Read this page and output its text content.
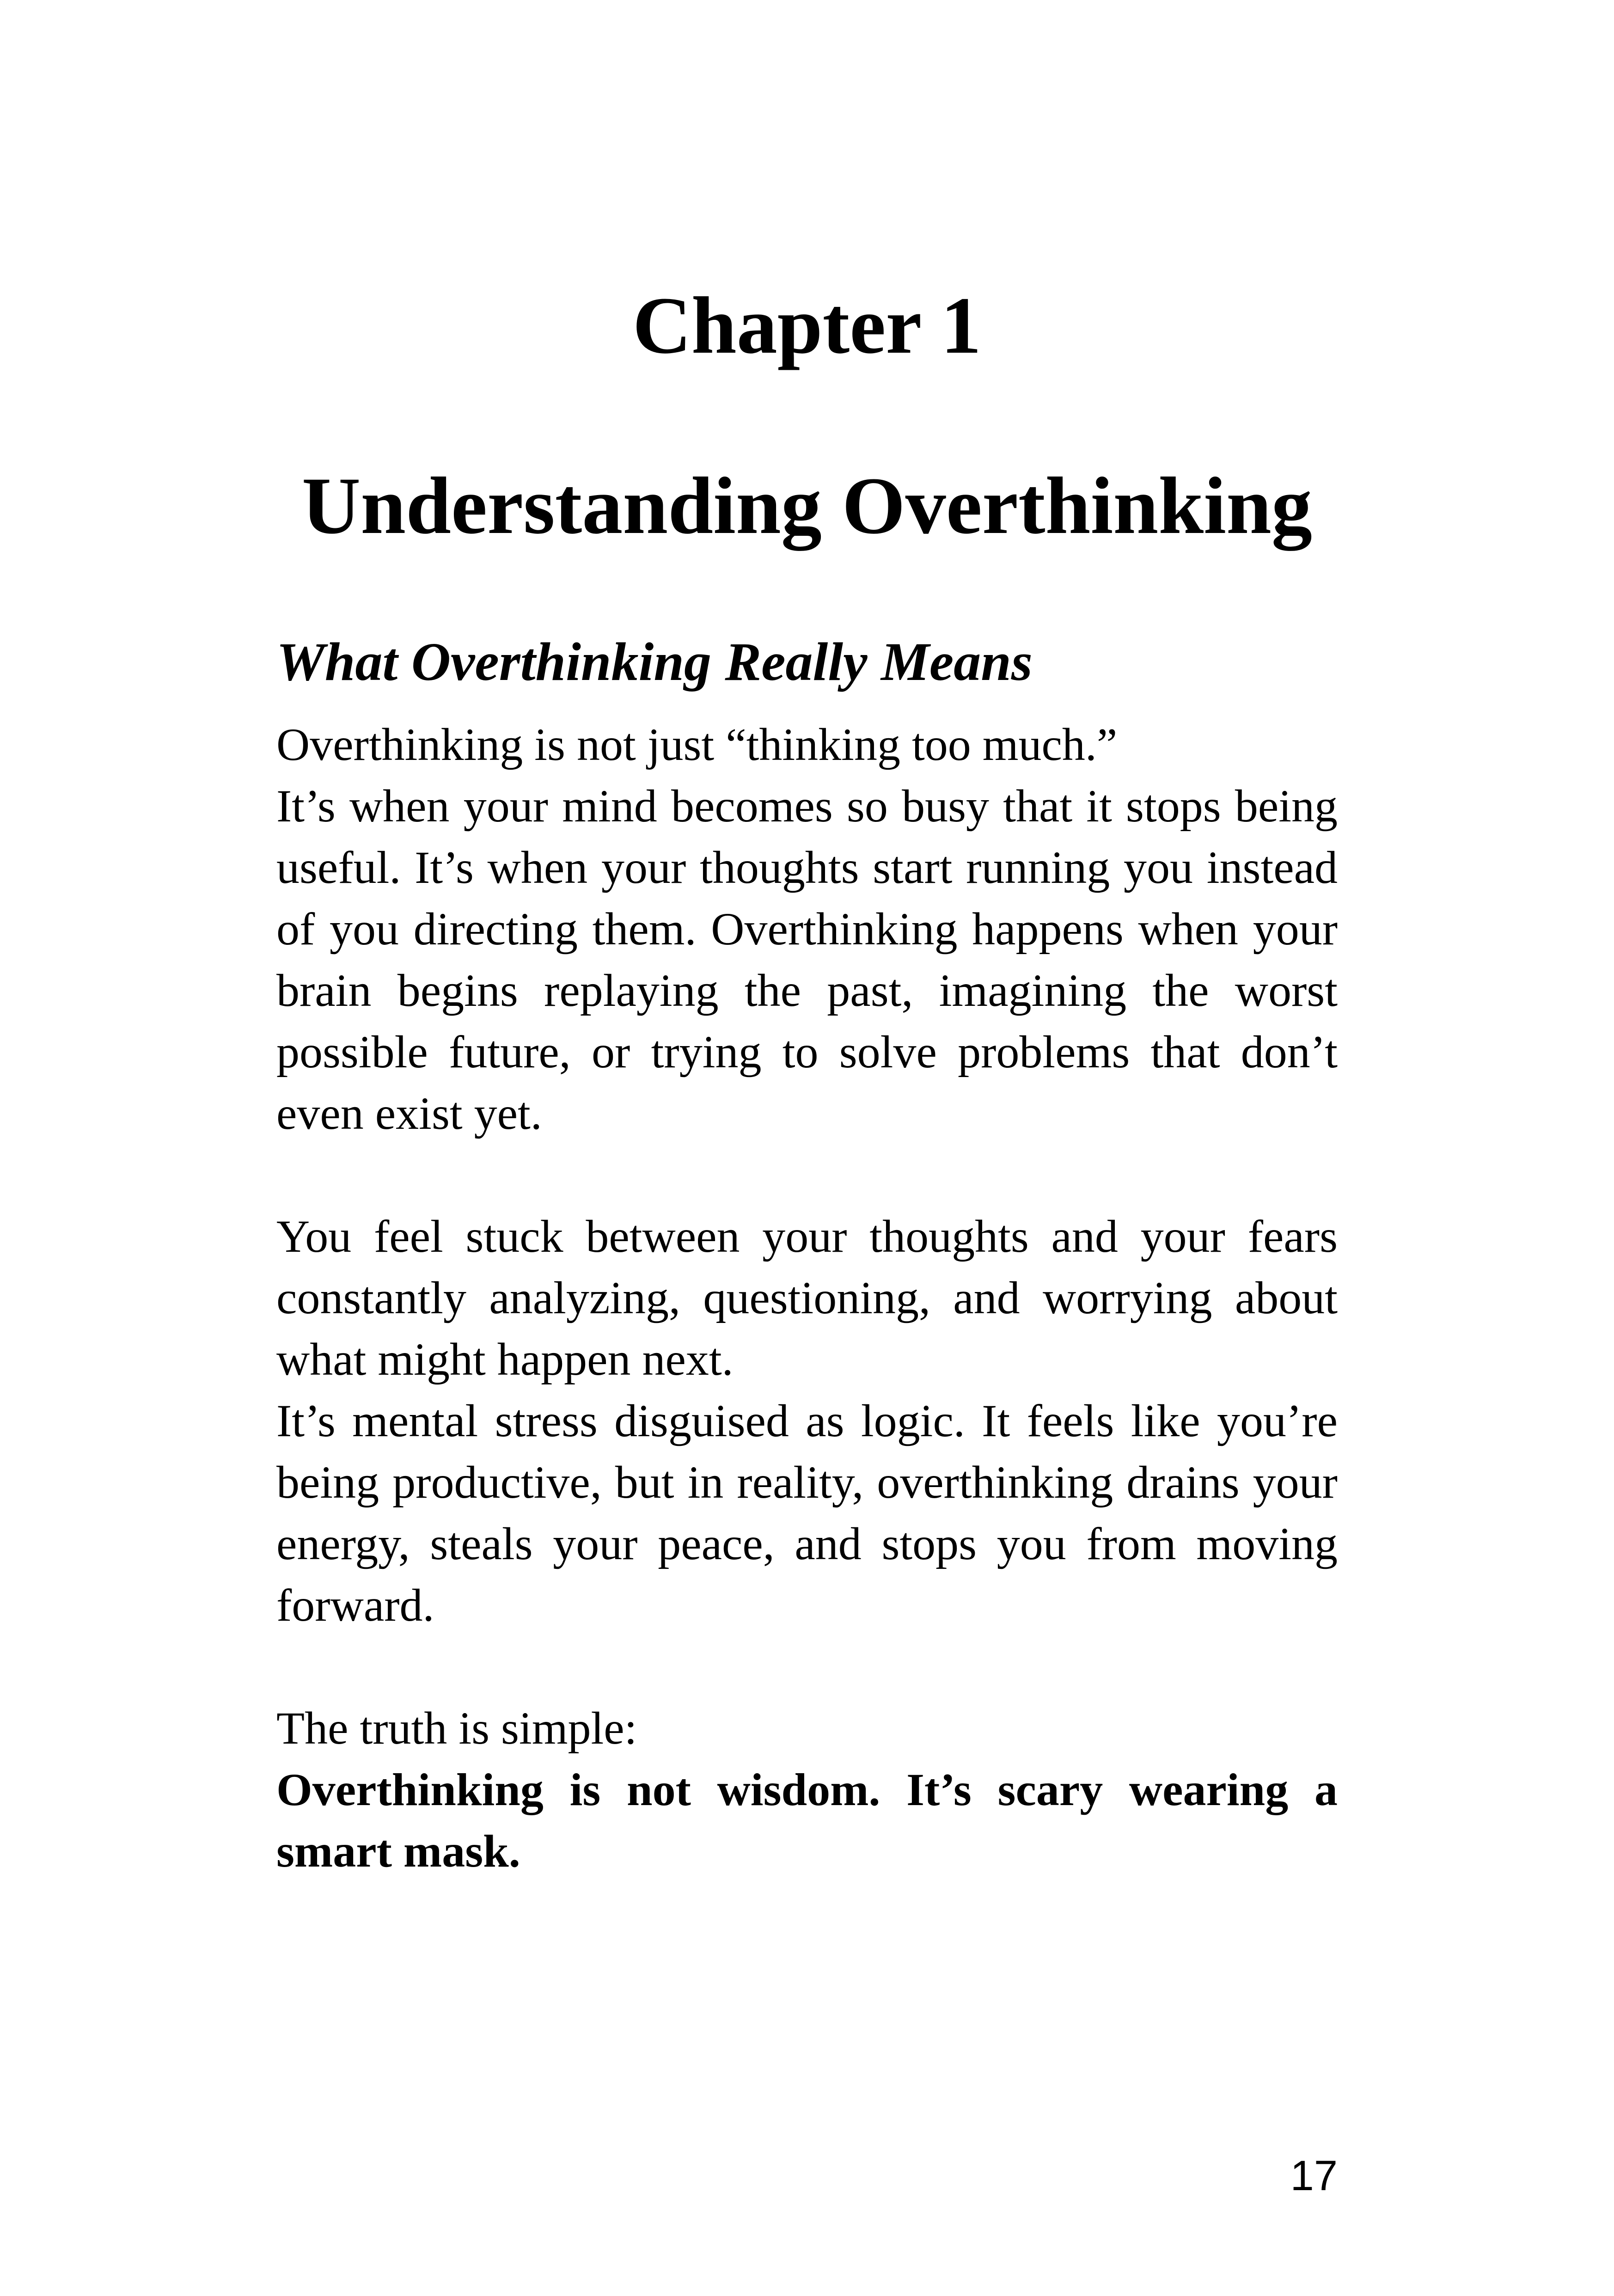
Chapter 1
Understanding Overthinking
What Overthinking Really Means

Overthinking is not just “thinking too much.”

It’s when your mind becomes so busy that it stops being useful. It’s when your thoughts start running you instead of you directing them. Overthinking happens when your brain begins replaying the past, imagining the worst possible future, or trying to solve problems that don’t even exist yet.

You feel stuck between your thoughts and your fears constantly analyzing, questioning, and worrying about what might happen next.

It’s mental stress disguised as logic. It feels like you’re being productive, but in reality, overthinking drains your energy, steals your peace, and stops you from moving forward.

The truth is simple:

Overthinking is not wisdom. It’s scary wearing a smart mask.

17
